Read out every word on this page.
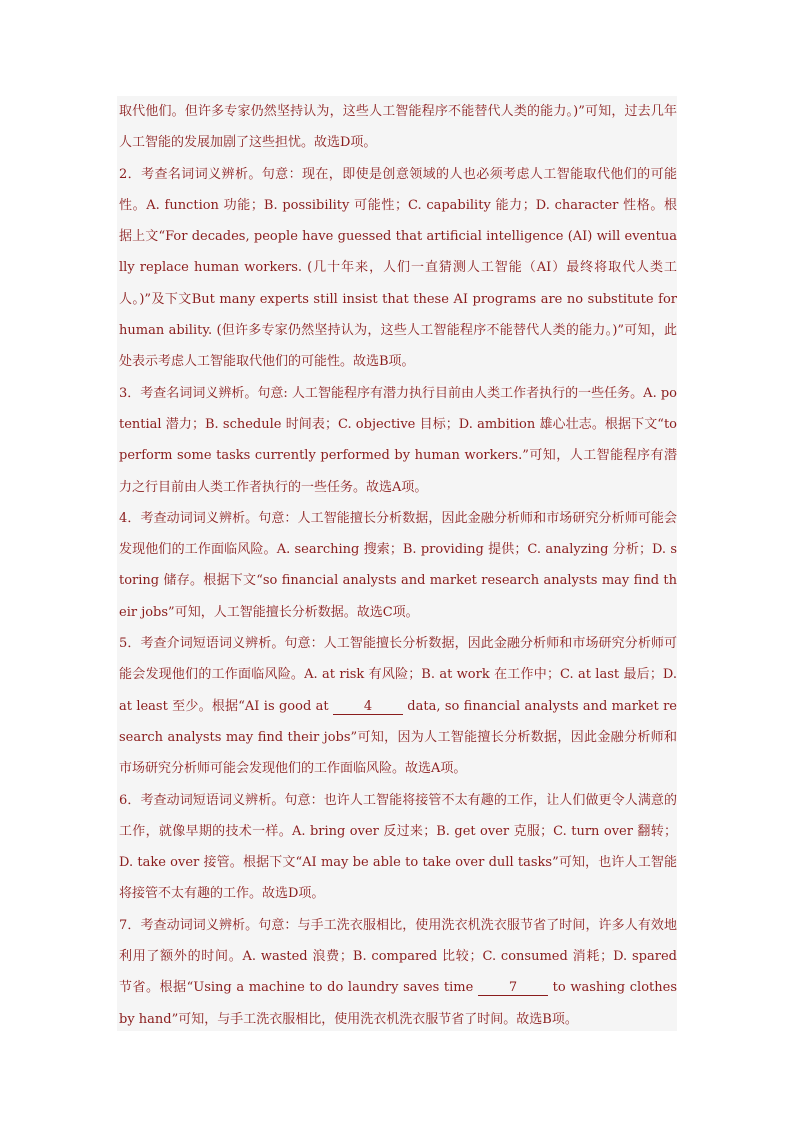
取代他们。但许多专家仍然坚持认为，这些人工智能程序不能替代人类的能力。)”可知，过去几年人工智能的发展加剧了这些担忧。故选D项。

2．考查名词词义辨析。句意：现在，即使是创意领域的人也必须考虑人工智能取代他们的可能性。A. function 功能；B. possibility 可能性；C. capability 能力；D. character 性格。根据上文“For decades, people have guessed that artificial intelligence (AI) will eventually replace human workers. (几十年来，人们一直猜测人工智能（AI）最终将取代人类工人。)”及下文But many experts still insist that these AI programs are no substitute for human ability. (但许多专家仍然坚持认为，这些人工智能程序不能替代人类的能力。)”可知，此处表示考虑人工智能取代他们的可能性。故选B项。

3．考查名词词义辨析。句意: 人工智能程序有潜力执行目前由人类工作者执行的一些任务。A. potential 潜力；B. schedule 时间表；C. objective 目标；D. ambition 雄心壮志。根据下文“to perform some tasks currently performed by human workers.”可知，人工智能程序有潜力之行目前由人类工作者执行的一些任务。故选A项。

4．考查动词词义辨析。句意：人工智能擅长分析数据，因此金融分析师和市场研究分析师可能会发现他们的工作面临风险。A. searching 搜索；B. providing 提供；C. analyzing 分析；D. storing 储存。根据下文“so financial analysts and market research analysts may find their jobs”可知，人工智能擅长分析数据。故选C项。

5．考查介词短语词义辨析。句意：人工智能擅长分析数据，因此金融分析师和市场研究分析师可能会发现他们的工作面临风险。A. at risk 有风险；B. at work 在工作中；C. at last 最后；D. at least 至少。根据“AI is good at 4 data, so financial analysts and market research analysts may find their jobs”可知，因为人工智能擅长分析数据，因此金融分析师和市场研究分析师可能会发现他们的工作面临风险。故选A项。

6．考查动词短语词义辨析。句意：也许人工智能将接管不太有趣的工作，让人们做更令人满意的工作，就像早期的技术一样。A. bring over 反过来；B. get over 克服；C. turn over 翻转；D. take over 接管。根据下文“AI may be able to take over dull tasks”可知，也许人工智能将接管不太有趣的工作。故选D项。

7．考查动词词义辨析。句意：与手工洗衣服相比，使用洗衣机洗衣服节省了时间，许多人有效地利用了额外的时间。A. wasted 浪费；B. compared 比较；C. consumed 消耗；D. spared 节省。根据“Using a machine to do laundry saves time 7 to washing clothes by hand”可知，与手工洗衣服相比，使用洗衣机洗衣服节省了时间。故选B项。
